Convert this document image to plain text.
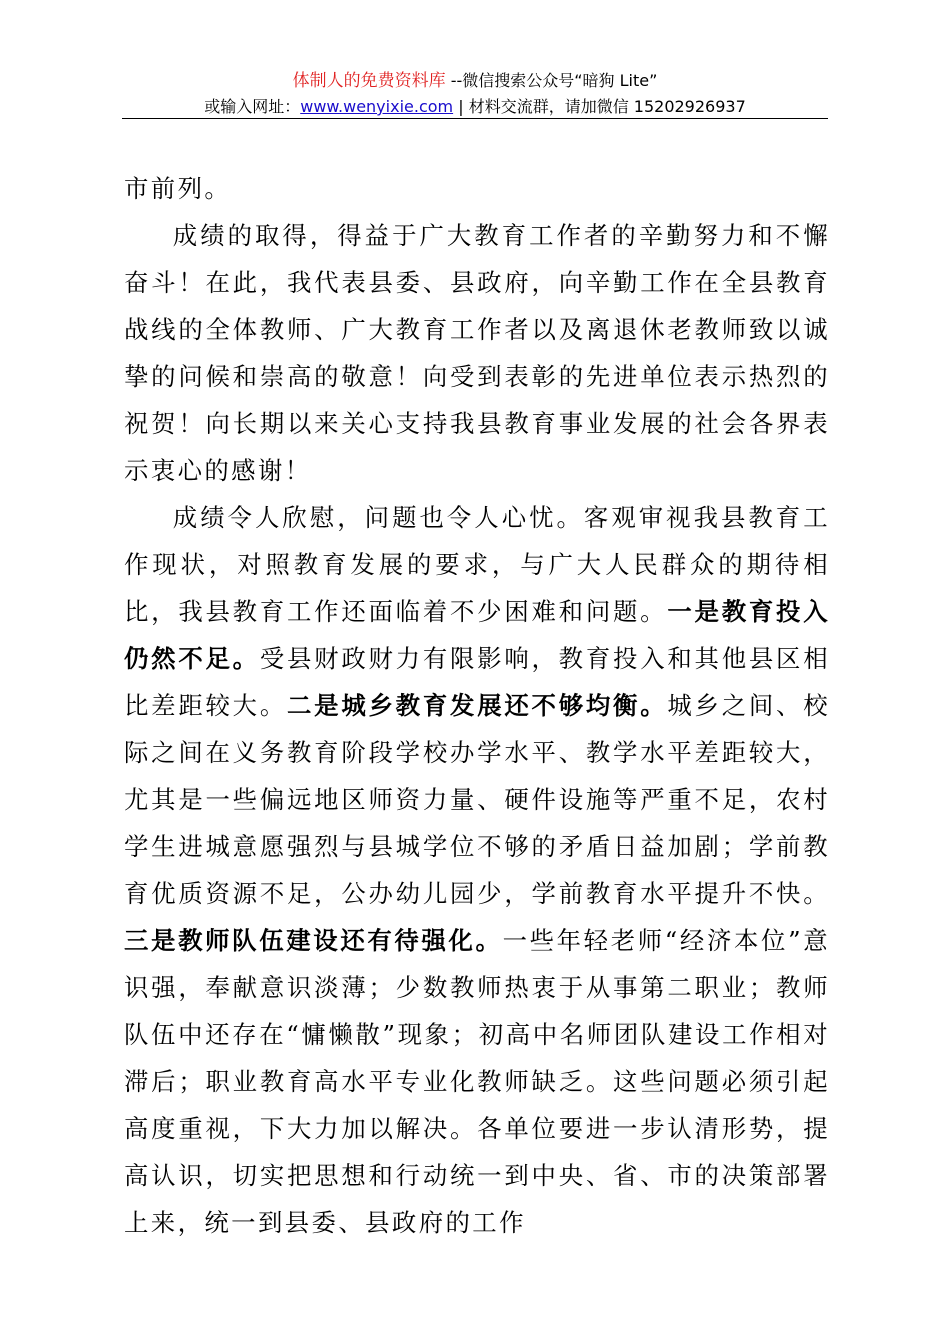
体制人的免费资料库 --微信搜索公众号“暗狗 Lite”
或输入网址：www.wenyixie.com | 材料交流群，请加微信 15202926937

市前列。

成绩的取得，得益于广大教育工作者的辛勤努力和不懈奋斗！在此，我代表县委、县政府，向辛勤工作在全县教育战线的全体教师、广大教育工作者以及离退休老教师致以诚挚的问候和崇高的敬意！向受到表彰的先进单位表示热烈的祝贺！向长期以来关心支持我县教育事业发展的社会各界表示衷心的感谢！

成绩令人欣慰，问题也令人心忧。客观审视我县教育工作现状，对照教育发展的要求，与广大人民群众的期待相比，我县教育工作还面临着不少困难和问题。一是教育投入仍然不足。受县财政财力有限影响，教育投入和其他县区相比差距较大。二是城乡教育发展还不够均衡。城乡之间、校际之间在义务教育阶段学校办学水平、教学水平差距较大，尤其是一些偏远地区师资力量、硬件设施等严重不足，农村学生进城意愿强烈与县城学位不够的矛盾日益加剧；学前教育优质资源不足，公办幼儿园少，学前教育水平提升不快。三是教师队伍建设还有待强化。一些年轻老师“经济本位”意识强，奉献意识淡薄；少数教师热衷于从事第二职业；教师队伍中还存在“慵懒散”现象；初高中名师团队建设工作相对滞后；职业教育高水平专业化教师缺乏。这些问题必须引起高度重视，下大力加以解决。各单位要进一步认清形势，提高认识，切实把思想和行动统一到中央、省、市的决策部署上来，统一到县委、县政府的工作
